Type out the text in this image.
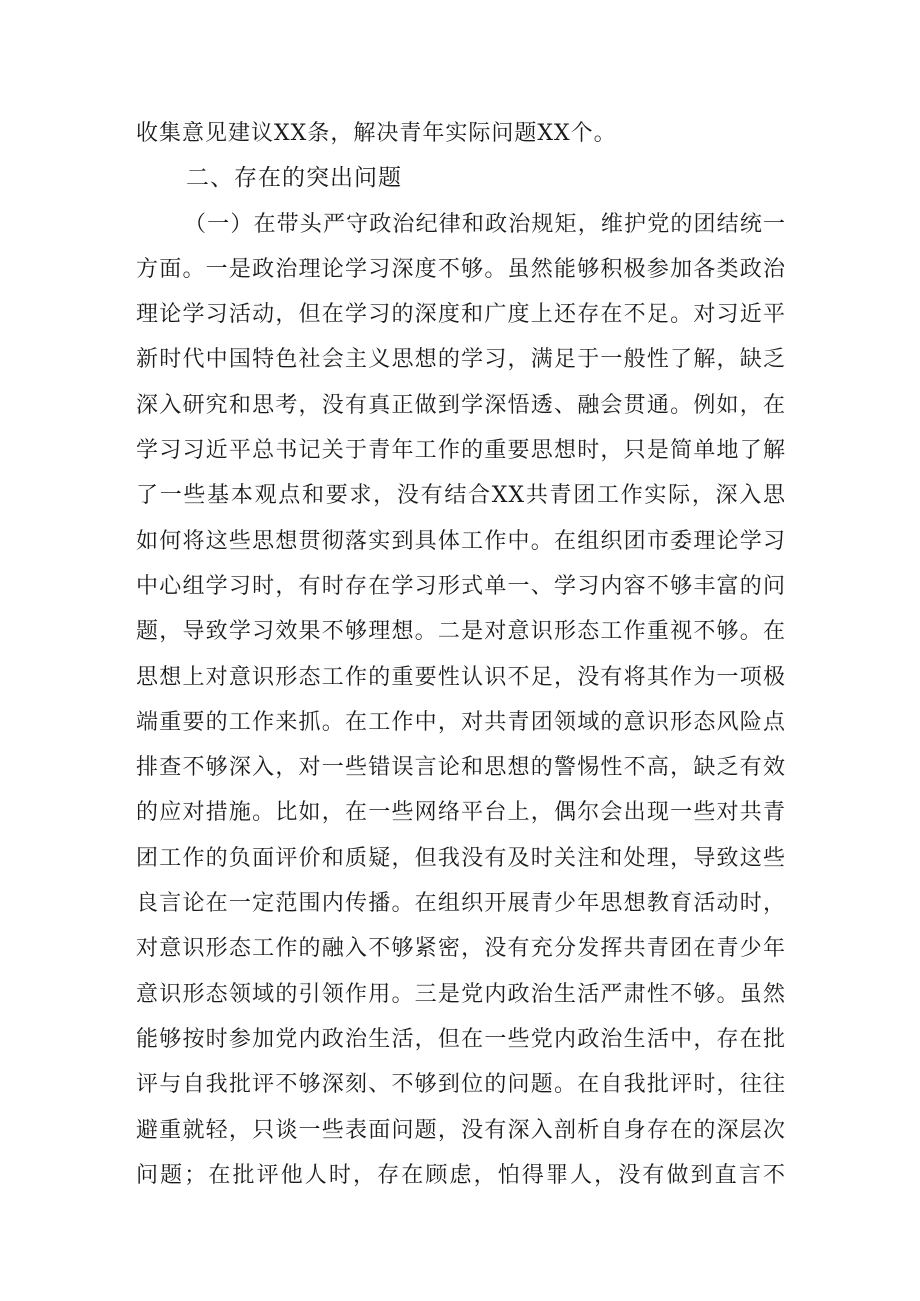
收集意见建议XX条，解决青年实际问题XX个。
二、存在的突出问题
（一）在带头严守政治纪律和政治规矩，维护党的团结统一
方面。一是政治理论学习深度不够。虽然能够积极参加各类政治
理论学习活动，但在学习的深度和广度上还存在不足。对习近平
新时代中国特色社会主义思想的学习，满足于一般性了解，缺乏
深入研究和思考，没有真正做到学深悟透、融会贯通。例如，在
学习习近平总书记关于青年工作的重要思想时，只是简单地了解
了一些基本观点和要求，没有结合XX共青团工作实际，深入思
如何将这些思想贯彻落实到具体工作中。在组织团市委理论学习
中心组学习时，有时存在学习形式单一、学习内容不够丰富的问
题，导致学习效果不够理想。二是对意识形态工作重视不够。在
思想上对意识形态工作的重要性认识不足，没有将其作为一项极
端重要的工作来抓。在工作中，对共青团领域的意识形态风险点
排查不够深入，对一些错误言论和思想的警惕性不高，缺乏有效
的应对措施。比如，在一些网络平台上，偶尔会出现一些对共青
团工作的负面评价和质疑，但我没有及时关注和处理，导致这些
良言论在一定范围内传播。在组织开展青少年思想教育活动时，
对意识形态工作的融入不够紧密，没有充分发挥共青团在青少年
意识形态领域的引领作用。三是党内政治生活严肃性不够。虽然
能够按时参加党内政治生活，但在一些党内政治生活中，存在批
评与自我批评不够深刻、不够到位的问题。在自我批评时，往往
避重就轻，只谈一些表面问题，没有深入剖析自身存在的深层次
问题；在批评他人时，存在顾虑，怕得罪人，没有做到直言不
